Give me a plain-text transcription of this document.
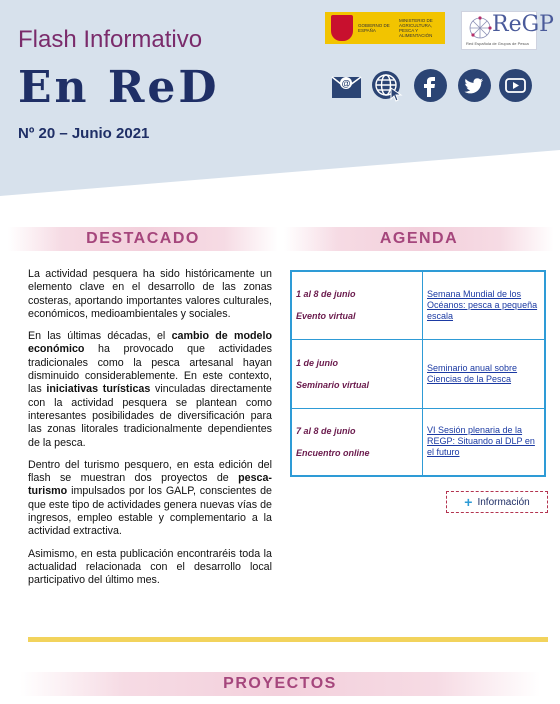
Flash Informativo
En ReD
Nº 20 – Junio 2021
GOBIERNO DE ESPAÑA
MINISTERIO DE AGRICULTURA, PESCA Y ALIMENTACIÓN	ReGP
Red Española de Grupos de Pesca
@
DESTACADO	AGENDA

La actividad pesquera ha sido históricamente un elemento clave en el desarrollo de las zonas costeras, aportando importantes valores culturales, económicos, medioambientales y sociales.

En las últimas décadas, el cambio de modelo económico ha provocado que actividades tradicionales como la pesca artesanal hayan disminuido considerablemente. En este contexto, las iniciativas turísticas vinculadas directamente con la actividad pesquera se plantean como interesantes posibilidades de diversificación para las zonas litorales tradicionalmente dependientes de la pesca.

Dentro del turismo pesquero, en esta edición del flash se muestran dos proyectos de pesca-turismo impulsados por los GALP, conscientes de que este tipo de actividades genera nuevas vías de ingresos, empleo estable y complementario a la actividad extractiva.

Asimismo, en esta publicación encontraréis toda la actualidad relacionada con el desarrollo local participativo del último mes.

1 al 8 de junio
Evento virtual	Semana Mundial de los Océanos: pesca a pequeña escala

1 de junio
Seminario virtual	Seminario anual sobre Ciencias de la Pesca

7 al 8 de junio
Encuentro online	VI Sesión plenaria de la REGP: Situando al DLP en el futuro
+ Información
PROYECTOS
